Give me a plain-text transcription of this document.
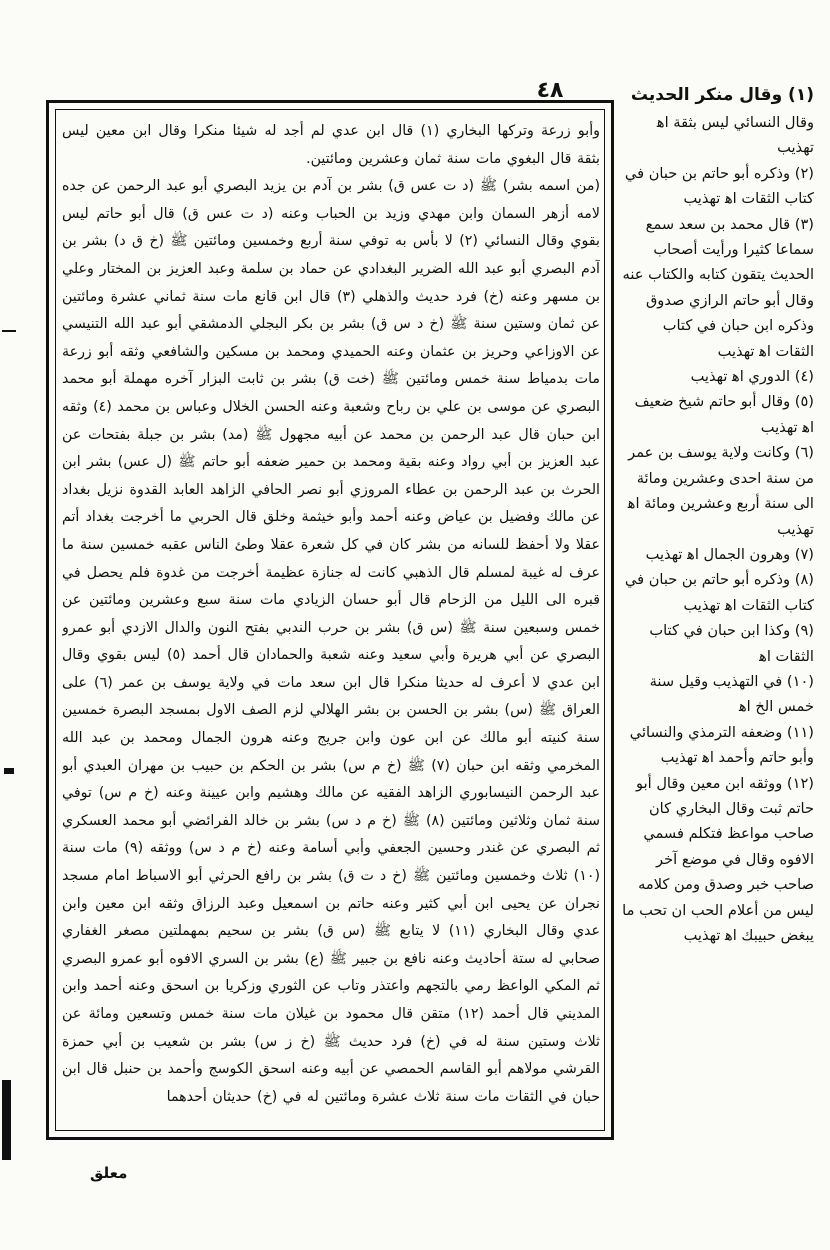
٤٨

وأبو زرعة وتركها البخاري (١) قال ابن عدي لم أجد له شيئا منكرا وقال ابن معين ليس بثقة قال البغوي مات سنة ثمان وعشرين ومائتين.

(من اسمه بشر) ﷺ (د ت عس ق) بشر بن آدم بن يزيد البصري أبو عبد الرحمن عن جده لامه أزهر السمان وابن مهدي وزيد بن الحباب وعنه (د ت عس ق) قال أبو حاتم ليس بقوي وقال النسائي (٢) لا بأس به توفي سنة أربع وخمسين ومائتين ﷺ (خ ق د) بشر بن آدم البصري أبو عبد الله الضرير البغدادي عن حماد بن سلمة وعبد العزيز بن المختار وعلي بن مسهر وعنه (خ) فرد حديث والذهلي (٣) قال ابن قانع مات سنة ثماني عشرة ومائتين عن ثمان وستين سنة ﷺ (خ د س ق) بشر بن بكر البجلي الدمشقي أبو عبد الله التنيسي عن الاوزاعي وحريز بن عثمان وعنه الحميدي ومحمد بن مسكين والشافعي وثقه أبو زرعة مات بدمياط سنة خمس ومائتين ﷺ (خت ق) بشر بن ثابت البزار آخره مهملة أبو محمد البصري عن موسى بن علي بن رباح وشعبة وعنه الحسن الخلال وعباس بن محمد (٤) وثقه ابن حبان قال عبد الرحمن بن محمد عن أبيه مجهول ﷺ (مد) بشر بن جبلة بفتحات عن عبد العزيز بن أبي رواد وعنه بقية ومحمد بن حمير ضعفه أبو حاتم ﷺ (ل عس) بشر ابن الحرث بن عبد الرحمن بن عطاء المروزي أبو نصر الحافي الزاهد العابد القدوة نزيل بغداد عن مالك وفضيل بن عياض وعنه أحمد وأبو خيثمة وخلق قال الحربي ما أخرجت بغداد أتم عقلا ولا أحفظ للسانه من بشر كان في كل شعرة عقلا وطئ الناس عقبه خمسين سنة ما عرف له غيبة لمسلم قال الذهبي كانت له جنازة عظيمة أخرجت من غدوة فلم يحصل في قبره الى الليل من الزحام قال أبو حسان الزيادي مات سنة سبع وعشرين ومائتين عن خمس وسبعين سنة ﷺ (س ق) بشر بن حرب الندبي بفتح النون والدال الازدي أبو عمرو البصري عن أبي هريرة وأبي سعيد وعنه شعبة والحمادان قال أحمد (٥) ليس بقوي وقال ابن عدي لا أعرف له حديثا منكرا قال ابن سعد مات في ولاية يوسف بن عمر (٦) على العراق ﷺ (س) بشر بن الحسن بن بشر الهلالي لزم الصف الاول بمسجد البصرة خمسين سنة كنيته أبو مالك عن ابن عون وابن جريج وعنه هرون الجمال ومحمد بن عبد الله المخرمي وثقه ابن حبان (٧) ﷺ (خ م س) بشر بن الحكم بن حبيب بن مهران العبدي أبو عبد الرحمن النيسابوري الزاهد الفقيه عن مالك وهشيم وابن عيينة وعنه (خ م س) توفي سنة ثمان وثلاثين ومائتين (٨) ﷺ (خ م د س) بشر بن خالد الفرائضي أبو محمد العسكري ثم البصري عن غندر وحسين الجعفي وأبي أسامة وعنه (خ م د س) ووثقه (٩) مات سنة (١٠) ثلاث وخمسين ومائتين ﷺ (خ د ت ق) بشر بن رافع الحرثي أبو الاسباط امام مسجد نجران عن يحيى ابن أبي كثير وعنه حاتم بن اسمعيل وعبد الرزاق وثقه ابن معين وابن عدي وقال البخاري (١١) لا يتابع ﷺ (س ق) بشر بن سحيم بمهملتين مصغر الغفاري صحابي له ستة أحاديث وعنه نافع بن جبير ﷺ (ع) بشر بن السري الافوه أبو عمرو البصري ثم المكي الواعظ رمي بالتجهم واعتذر وتاب عن الثوري وزكريا بن اسحق وعنه أحمد وابن المديني قال أحمد (١٢) متقن قال محمود بن غيلان مات سنة خمس وتسعين ومائة عن ثلاث وستين سنة له في (خ) فرد حديث ﷺ (خ ز س) بشر بن شعيب بن أبي حمزة القرشي مولاهم أبو القاسم الحمصي عن أبيه وعنه اسحق الكوسج وأحمد بن حنبل قال ابن حبان في الثقات مات سنة ثلاث عشرة ومائتين له في (خ) حديثان أحدهما

(١) وقال منكر الحديث

وقال النسائي ليس بثقة اﻫ تهذيب

(٢) وذكره أبو حاتم بن حبان في كتاب الثقات اﻫ تهذيب

(٣) قال محمد بن سعد سمع سماعا كثيرا ورأيت أصحاب الحديث يتقون كتابه والكتاب عنه وقال أبو حاتم الرازي صدوق وذكره ابن حبان في كتاب الثقات اﻫ تهذيب

(٤) الدوري اﻫ تهذيب

(٥) وقال أبو حاتم شيخ ضعيف اﻫ تهذيب

(٦) وكانت ولاية يوسف بن عمر من سنة احدى وعشرين ومائة الى سنة أربع وعشرين ومائة اﻫ تهذيب

(٧) وهرون الجمال اﻫ تهذيب

(٨) وذكره أبو حاتم بن حبان في كتاب الثقات اﻫ تهذيب

(٩) وكذا ابن حبان في كتاب الثقات اﻫ

(١٠) في التهذيب وقيل سنة خمس الخ اﻫ

(١١) وضعفه الترمذي والنسائي وأبو حاتم وأحمد اﻫ تهذيب

(١٢) ووثقه ابن معين وقال أبو حاتم ثبت وقال البخاري كان صاحب مواعظ فتكلم فسمي الافوه وقال في موضع آخر صاحب خبر وصدق ومن كلامه ليس من أعلام الحب ان تحب ما يبغض حبيبك اﻫ تهذيب

معلق
